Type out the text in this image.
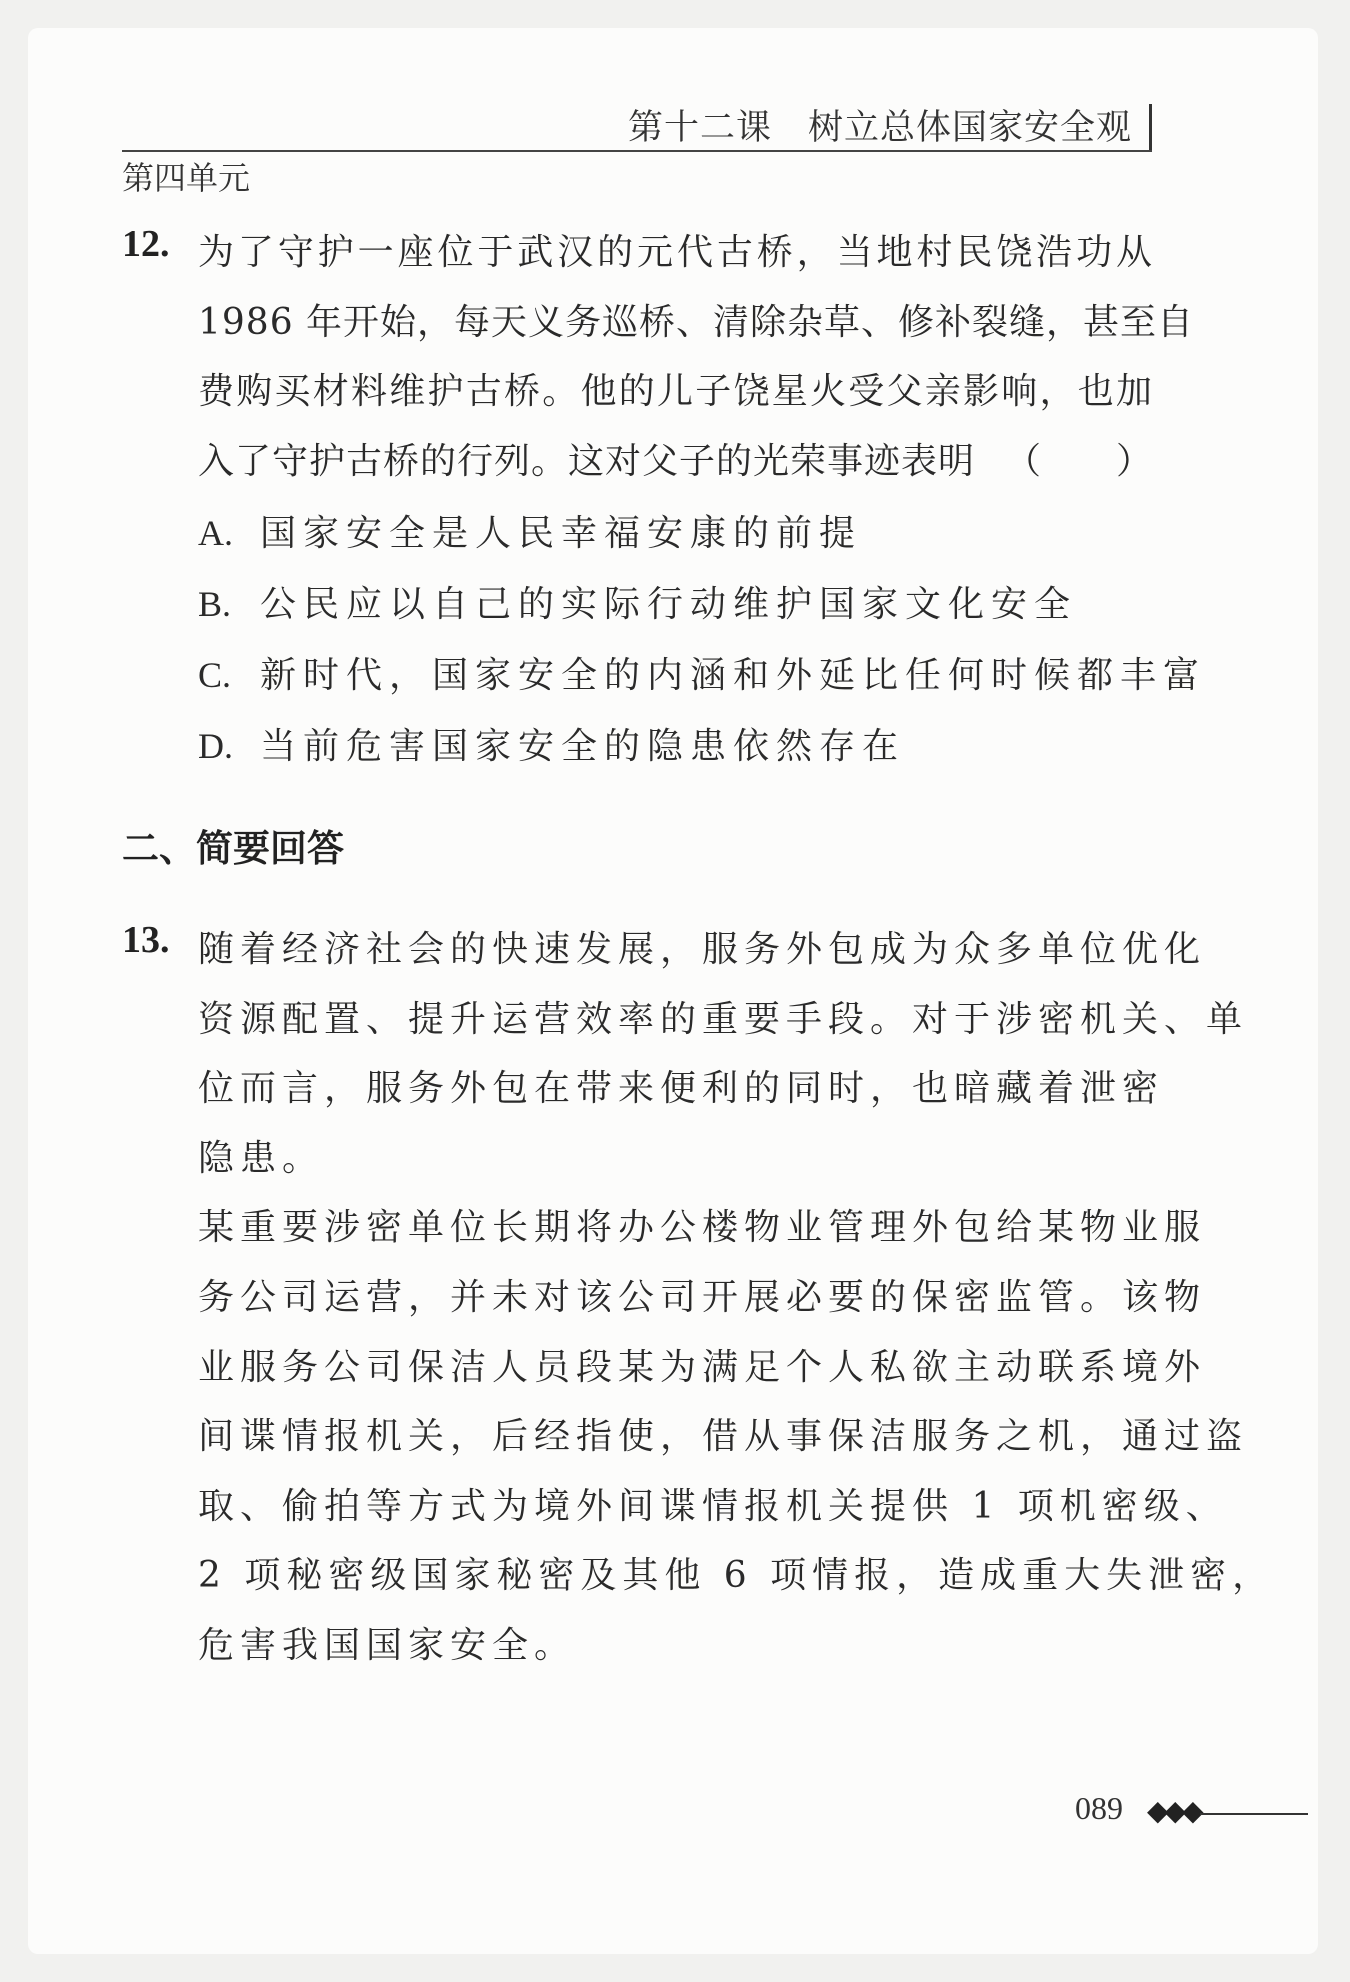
第十二课　树立总体国家安全观
第四单元
12. 为了守护一座位于武汉的元代古桥，当地村民饶浩功从
1986 年开始，每天义务巡桥、清除杂草、修补裂缝，甚至自
费购买材料维护古桥。他的儿子饶星火受父亲影响，也加
入了守护古桥的行列。这对父子的光荣事迹表明 （　　）
A. 国家安全是人民幸福安康的前提
B. 公民应以自己的实际行动维护国家文化安全
C. 新时代，国家安全的内涵和外延比任何时候都丰富
D. 当前危害国家安全的隐患依然存在
二、简要回答
13. 随着经济社会的快速发展，服务外包成为众多单位优化
资源配置、提升运营效率的重要手段。对于涉密机关、单
位而言，服务外包在带来便利的同时，也暗藏着泄密
隐患。
某重要涉密单位长期将办公楼物业管理外包给某物业服
务公司运营，并未对该公司开展必要的保密监管。该物
业服务公司保洁人员段某为满足个人私欲主动联系境外
间谍情报机关，后经指使，借从事保洁服务之机，通过盗
取、偷拍等方式为境外间谍情报机关提供 1 项机密级、
2 项秘密级国家秘密及其他 6 项情报，造成重大失泄密，
危害我国国家安全。
089 ◆◆◆
